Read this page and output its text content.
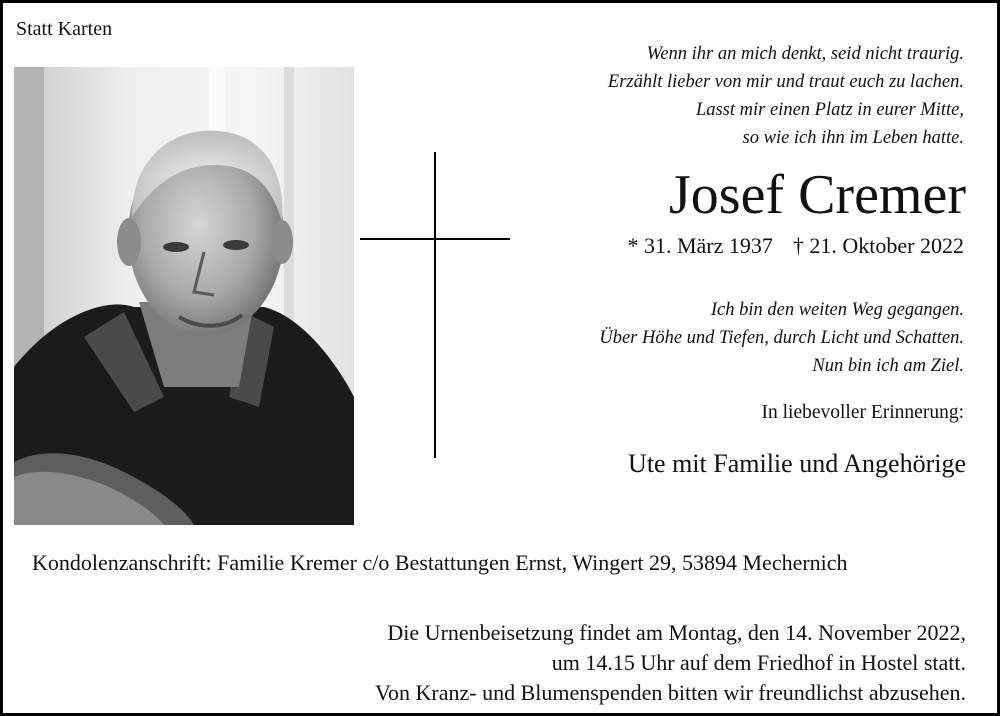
Statt Karten
Wenn ihr an mich denkt, seid nicht traurig.
Erzählt lieber von mir und traut euch zu lachen.
Lasst mir einen Platz in eurer Mitte,
so wie ich ihn im Leben hatte.
Josef Cremer
* 31. März 1937 † 21. Oktober 2022
Ich bin den weiten Weg gegangen.
Über Höhe und Tiefen, durch Licht und Schatten.
Nun bin ich am Ziel.
In liebevoller Erinnerung:
Ute mit Familie und Angehörige
Kondolenzanschrift: Familie Kremer c/o Bestattungen Ernst, Wingert 29, 53894 Mechernich
Die Urnenbeisetzung findet am Montag, den 14. November 2022,
um 14.15 Uhr auf dem Friedhof in Hostel statt.
Von Kranz- und Blumenspenden bitten wir freundlichst abzusehen.
